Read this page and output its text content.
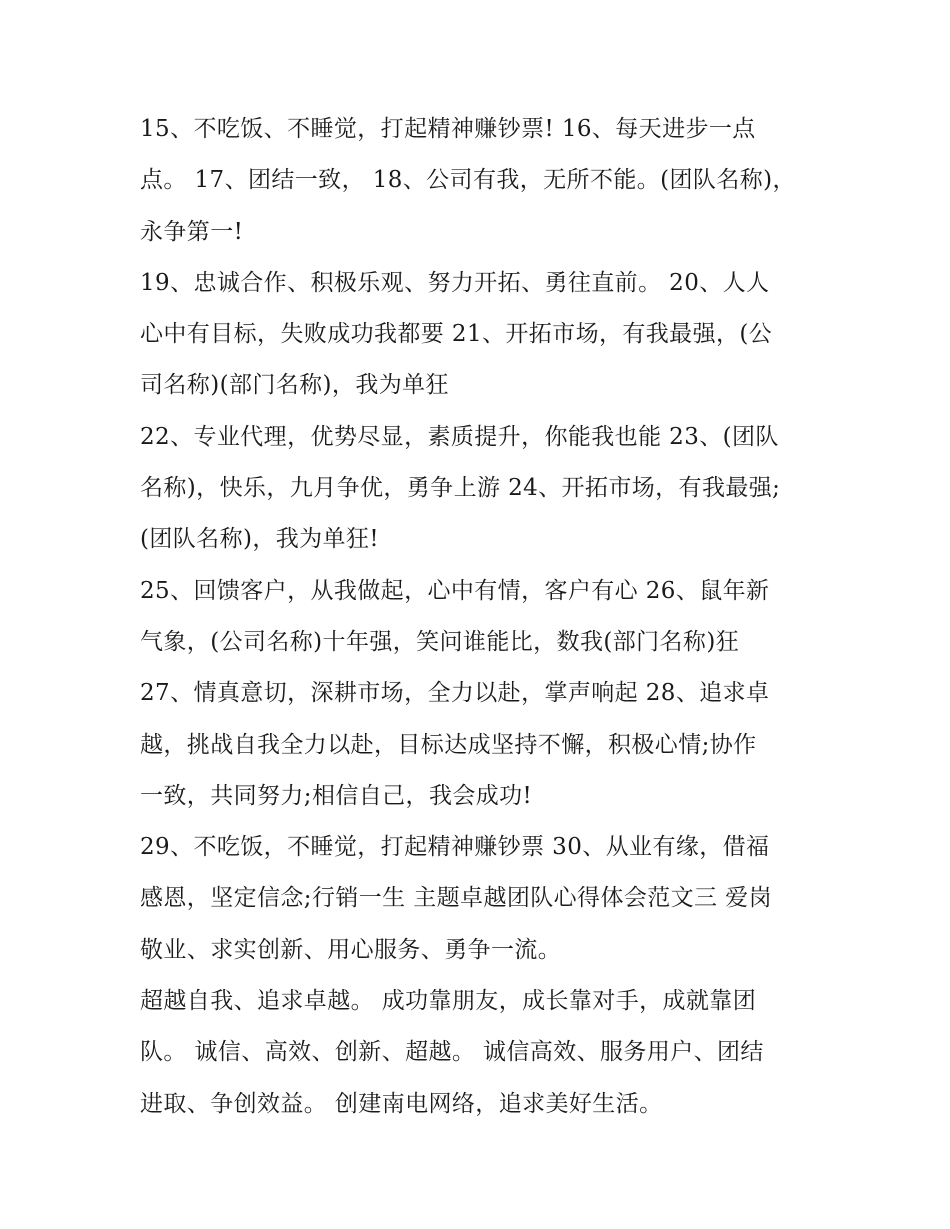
15、不吃饭、不睡觉，打起精神赚钞票! 16、每天进步一点
点。 17、团结一致， 18、公司有我，无所不能。(团队名称)，
永争第一!
19、忠诚合作、积极乐观、努力开拓、勇往直前。 20、人人
心中有目标，失败成功我都要 21、开拓市场，有我最强，(公
司名称)(部门名称)，我为单狂
22、专业代理，优势尽显，素质提升，你能我也能 23、(团队
名称)，快乐，九月争优，勇争上游 24、开拓市场，有我最强;
(团队名称)，我为单狂!
25、回馈客户，从我做起，心中有情，客户有心 26、鼠年新
气象，(公司名称)十年强，笑问谁能比，数我(部门名称)狂
27、情真意切，深耕市场，全力以赴，掌声响起 28、追求卓
越，挑战自我全力以赴，目标达成坚持不懈，积极心情;协作
一致，共同努力;相信自己，我会成功!
29、不吃饭，不睡觉，打起精神赚钞票 30、从业有缘，借福
感恩，坚定信念;行销一生 主题卓越团队心得体会范文三 爱岗
敬业、求实创新、用心服务、勇争一流。
超越自我、追求卓越。 成功靠朋友，成长靠对手，成就靠团
队。 诚信、高效、创新、超越。 诚信高效、服务用户、团结
进取、争创效益。 创建南电网络，追求美好生活。
